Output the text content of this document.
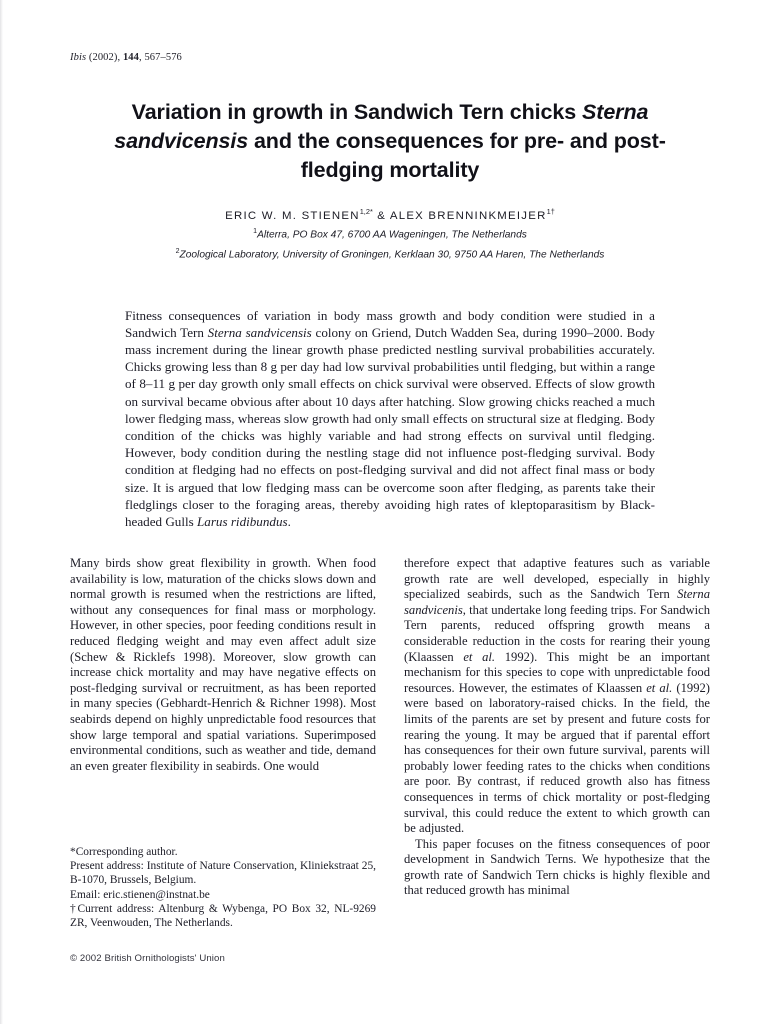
Ibis (2002), 144, 567–576
Variation in growth in Sandwich Tern chicks Sterna sandvicensis and the consequences for pre- and post-fledging mortality
ERIC W. M. $STIENEN^{1,2*}$ & ALEX $BRENNINKMEIJER^{1\dagger}$
$^1$Alterra, PO Box 47, 6700 AA Wageningen, The Netherlands
$^2$Zoological Laboratory, University of Groningen, Kerklaan 30, 9750 AA Haren, The Netherlands
Fitness consequences of variation in body mass growth and body condition were studied in a Sandwich Tern Sterna sandvicensis colony on Griend, Dutch Wadden Sea, during 1990–2000. Body mass increment during the linear growth phase predicted nestling survival probabilities accurately. Chicks growing less than 8 g per day had low survival probabilities until fledging, but within a range of 8–11 g per day growth only small effects on chick survival were observed. Effects of slow growth on survival became obvious after about 10 days after hatching. Slow growing chicks reached a much lower fledging mass, whereas slow growth had only small effects on structural size at fledging. Body condition of the chicks was highly variable and had strong effects on survival until fledging. However, body condition during the nestling stage did not influence post-fledging survival. Body condition at fledging had no effects on post-fledging survival and did not affect final mass or body size. It is argued that low fledging mass can be overcome soon after fledging, as parents take their fledglings closer to the foraging areas, thereby avoiding high rates of kleptoparasitism by Black-headed Gulls Larus ridibundus.

Many birds show great flexibility in growth. When food availability is low, maturation of the chicks slows down and normal growth is resumed when the restrictions are lifted, without any consequences for final mass or morphology. However, in other species, poor feeding conditions result in reduced fledging weight and may even affect adult size (Schew & Ricklefs 1998). Moreover, slow growth can increase chick mortality and may have negative effects on post-fledging survival or recruitment, as has been reported in many species (Gebhardt-Henrich & Richner 1998). Most seabirds depend on highly unpredictable food resources that show large temporal and spatial variations. Superimposed environmental conditions, such as weather and tide, demand an even greater flexibility in seabirds. One would

therefore expect that adaptive features such as variable growth rate are well developed, especially in highly specialized seabirds, such as the Sandwich Tern Sterna sandvicenis, that undertake long feeding trips. For Sandwich Tern parents, reduced offspring growth means a considerable reduction in the costs for rearing their young (Klaassen et al. 1992). This might be an important mechanism for this species to cope with unpredictable food resources. However, the estimates of Klaassen et al. (1992) were based on laboratory-raised chicks. In the field, the limits of the parents are set by present and future costs for rearing the young. It may be argued that if parental effort has consequences for their own future survival, parents will probably lower feeding rates to the chicks when conditions are poor. By contrast, if reduced growth also has fitness consequences in terms of chick mortality or post-fledging survival, this could reduce the extent to which growth can be adjusted.

This paper focuses on the fitness consequences of poor development in Sandwich Terns. We hypothesize that the growth rate of Sandwich Tern chicks is highly flexible and that reduced growth has minimal

*Corresponding author.
Present address: Institute of Nature Conservation, Kliniekstraat 25, B-1070, Brussels, Belgium.
Email: eric.stienen@instnat.be
†Current address: Altenburg & Wybenga, PO Box 32, NL-9269 ZR, Veenwouden, The Netherlands.
© 2002 British Ornithologists' Union
